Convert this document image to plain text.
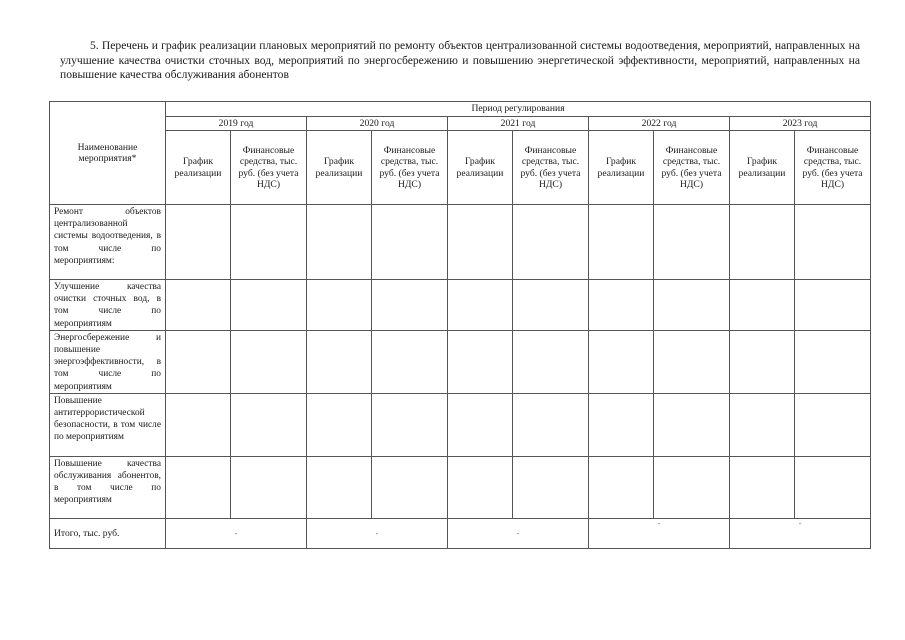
5. Перечень и график реализации плановых мероприятий по ремонту объектов централизованной системы водоотведения, мероприятий, направленных на улучшение качества очистки сточных вод, мероприятий по энергосбережению и повышению энергетической эффективности, мероприятий, направленных на повышение качества обслуживания абонентов

Наименование мероприятия*	Период регулирования									
	2019 год		2020 год		2021 год		2022 год		2023 год	
	График реализации	Финансовые средства, тыс. руб. (без учета НДС)	График реализации	Финансовые средства, тыс. руб. (без учета НДС)	График реализации	Финансовые средства, тыс. руб. (без учета НДС)	График реализации	Финансовые средства, тыс. руб. (без учета НДС)	График реализации	Финансовые средства, тыс. руб. (без учета НДС)
Ремонт объектов централизованной системы водоотведения, в том числе по мероприятиям:										
Улучшение качества очистки сточных вод, в том числе по мероприятиям										
Энергосбережение и повышение энергоэффективности, в том числе по мероприятиям										
Повышение антитеррористической безопасности, в том числе по мероприятиям										
Повышение качества обслуживания абонентов, в том числе по мероприятиям										
Итого, тыс. руб.	-		-		-		-		-
